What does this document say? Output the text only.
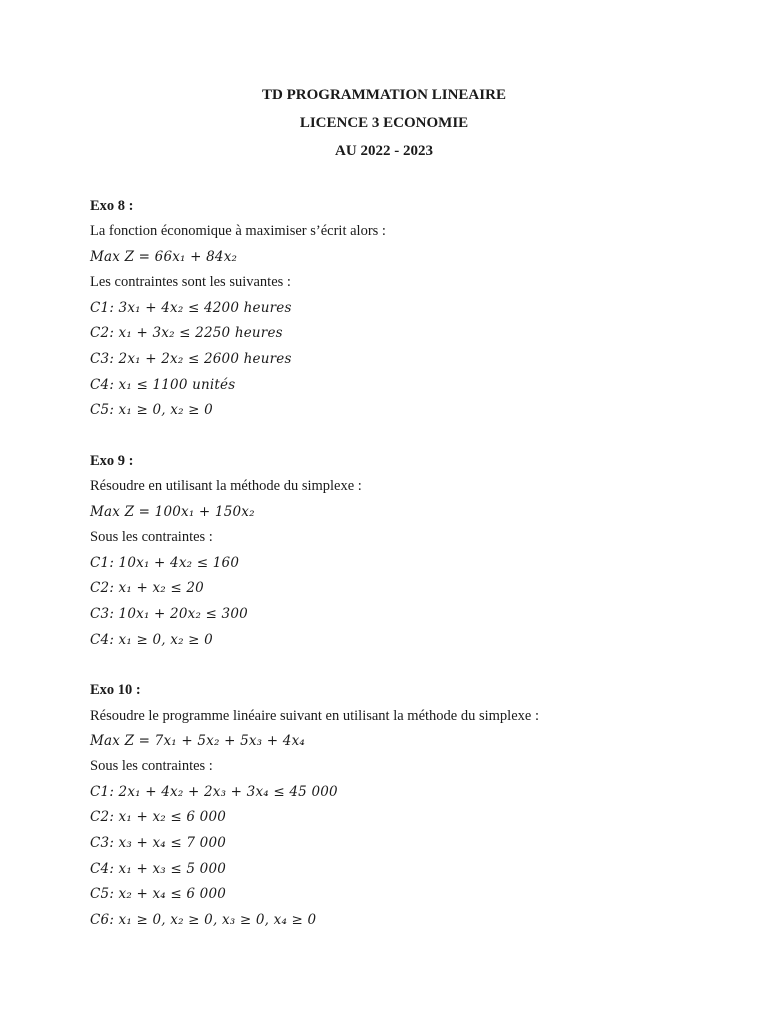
TD PROGRAMMATION LINEAIRE
LICENCE 3 ECONOMIE
AU 2022 - 2023
Exo 8 :
La fonction économique à maximiser s’écrit alors :
Max Z = 66x₁ + 84x₂
Les contraintes sont les suivantes :
C1: 3x₁ + 4x₂ ≤ 4200 heures
C2: x₁ + 3x₂ ≤ 2250 heures
C3: 2x₁ + 2x₂ ≤ 2600 heures
C4: x₁ ≤ 1100 unités
C5: x₁ ≥ 0, x₂ ≥ 0
Exo 9 :
Résoudre en utilisant la méthode du simplexe :
Max Z = 100x₁ + 150x₂
Sous les contraintes :
C1: 10x₁ + 4x₂ ≤ 160
C2: x₁ + x₂ ≤ 20
C3: 10x₁ + 20x₂ ≤ 300
C4: x₁ ≥ 0, x₂ ≥ 0
Exo 10 :
Résoudre le programme linéaire suivant en utilisant la méthode du simplexe :
Max Z = 7x₁ + 5x₂ + 5x₃ + 4x₄
Sous les contraintes :
C1: 2x₁ + 4x₂ + 2x₃ + 3x₄ ≤ 45 000
C2: x₁ + x₂ ≤ 6 000
C3: x₃ + x₄ ≤ 7 000
C4: x₁ + x₃ ≤ 5 000
C5: x₂ + x₄ ≤ 6 000
C6: x₁ ≥ 0, x₂ ≥ 0, x₃ ≥ 0, x₄ ≥ 0
